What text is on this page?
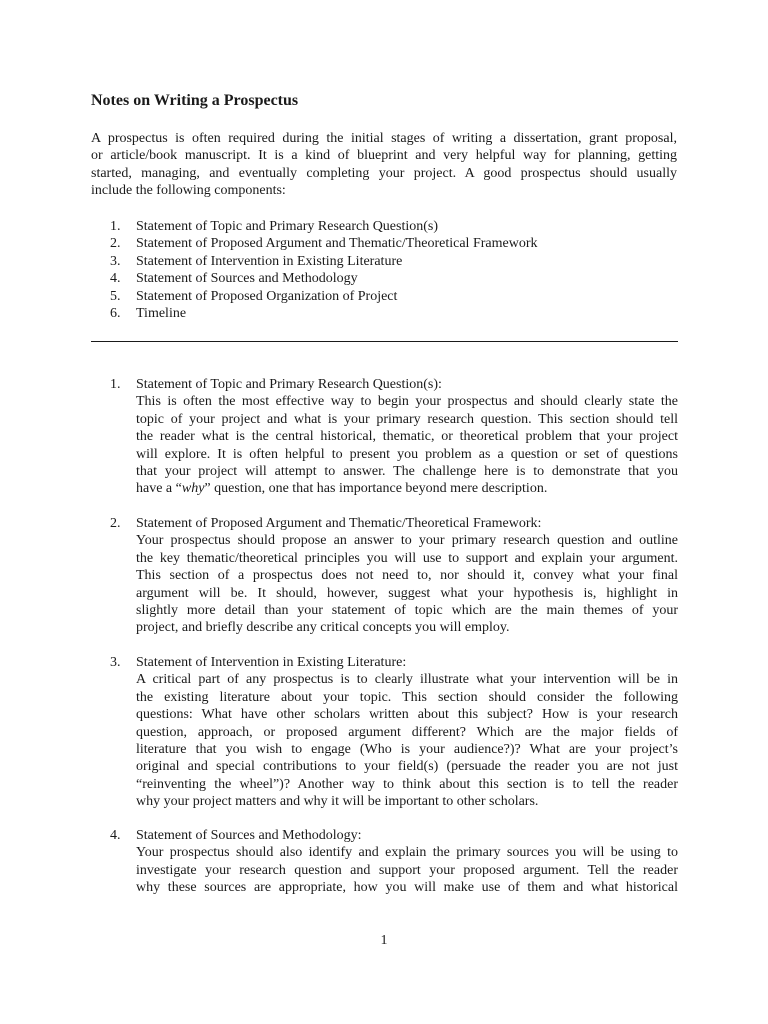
Notes on Writing a Prospectus
A prospectus is often required during the initial stages of writing a dissertation, grant proposal,
or article/book manuscript. It is a kind of blueprint and very helpful way for planning, getting
started, managing, and eventually completing your project. A good prospectus should usually
include the following components:
1.	Statement of Topic and Primary Research Question(s)
2.	Statement of Proposed Argument and Thematic/Theoretical Framework
3.	Statement of Intervention in Existing Literature
4.	Statement of Sources and Methodology
5.	Statement of Proposed Organization of Project
6.	Timeline
1.	Statement of Topic and Primary Research Question(s):
This is often the most effective way to begin your prospectus and should clearly state the
topic of your project and what is your primary research question. This section should tell
the reader what is the central historical, thematic, or theoretical problem that your project
will explore. It is often helpful to present you problem as a question or set of questions
that your project will attempt to answer. The challenge here is to demonstrate that you
have a “why” question, one that has importance beyond mere description.
2.	Statement of Proposed Argument and Thematic/Theoretical Framework:
Your prospectus should propose an answer to your primary research question and outline
the key thematic/theoretical principles you will use to support and explain your argument.
This section of a prospectus does not need to, nor should it, convey what your final
argument will be. It should, however, suggest what your hypothesis is, highlight in
slightly more detail than your statement of topic which are the main themes of your
project, and briefly describe any critical concepts you will employ.
3.	Statement of Intervention in Existing Literature:
A critical part of any prospectus is to clearly illustrate what your intervention will be in
the existing literature about your topic. This section should consider the following
questions: What have other scholars written about this subject? How is your research
question, approach, or proposed argument different? Which are the major fields of
literature that you wish to engage (Who is your audience?)? What are your project’s
original and special contributions to your field(s) (persuade the reader you are not just
“reinventing the wheel”)? Another way to think about this section is to tell the reader
why your project matters and why it will be important to other scholars.
4.	Statement of Sources and Methodology:
Your prospectus should also identify and explain the primary sources you will be using to
investigate your research question and support your proposed argument. Tell the reader
why these sources are appropriate, how you will make use of them and what historical
1
